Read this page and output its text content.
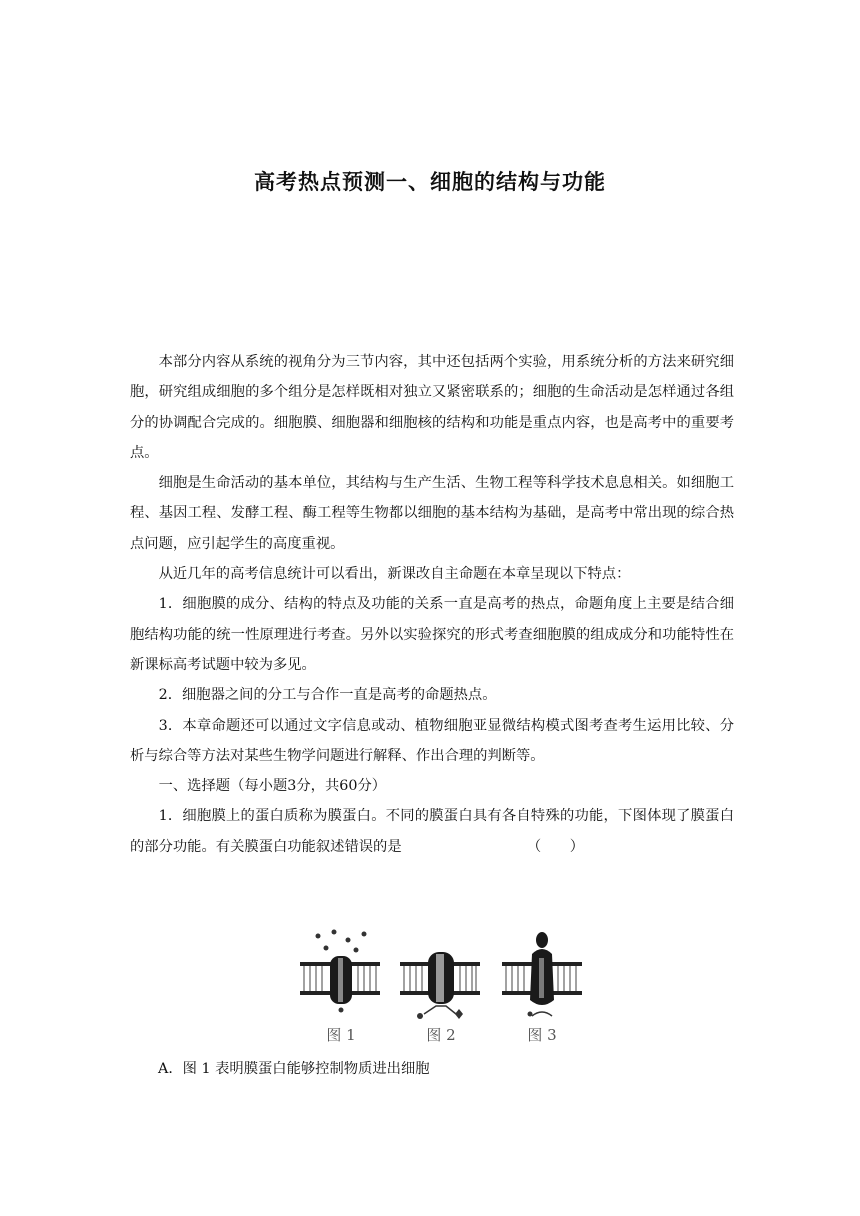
高考热点预测一、细胞的结构与功能

本部分内容从系统的视角分为三节内容，其中还包括两个实验，用系统分析的方法来研究细胞，研究组成细胞的多个组分是怎样既相对独立又紧密联系的；细胞的生命活动是怎样通过各组分的协调配合完成的。细胞膜、细胞器和细胞核的结构和功能是重点内容，也是高考中的重要考点。

细胞是生命活动的基本单位，其结构与生产生活、生物工程等科学技术息息相关。如细胞工程、基因工程、发酵工程、酶工程等生物都以细胞的基本结构为基础，是高考中常出现的综合热点问题，应引起学生的高度重视。

从近几年的高考信息统计可以看出，新课改自主命题在本章呈现以下特点：

1．细胞膜的成分、结构的特点及功能的关系一直是高考的热点，命题角度上主要是结合细胞结构功能的统一性原理进行考查。另外以实验探究的形式考查细胞膜的组成成分和功能特性在新课标高考试题中较为多见。

2．细胞器之间的分工与合作一直是高考的命题热点。

3．本章命题还可以通过文字信息或动、植物细胞亚显微结构模式图考查考生运用比较、分析与综合等方法对某些生物学问题进行解释、作出合理的判断等。

一、选择题（每小题3分，共60分）

1．细胞膜上的蛋白质称为膜蛋白。不同的膜蛋白具有各自特殊的功能，下图体现了膜蛋白的部分功能。有关膜蛋白功能叙述错误的是	（　　）

图 1	图 2	图 3

A．图 1 表明膜蛋白能够控制物质进出细胞
